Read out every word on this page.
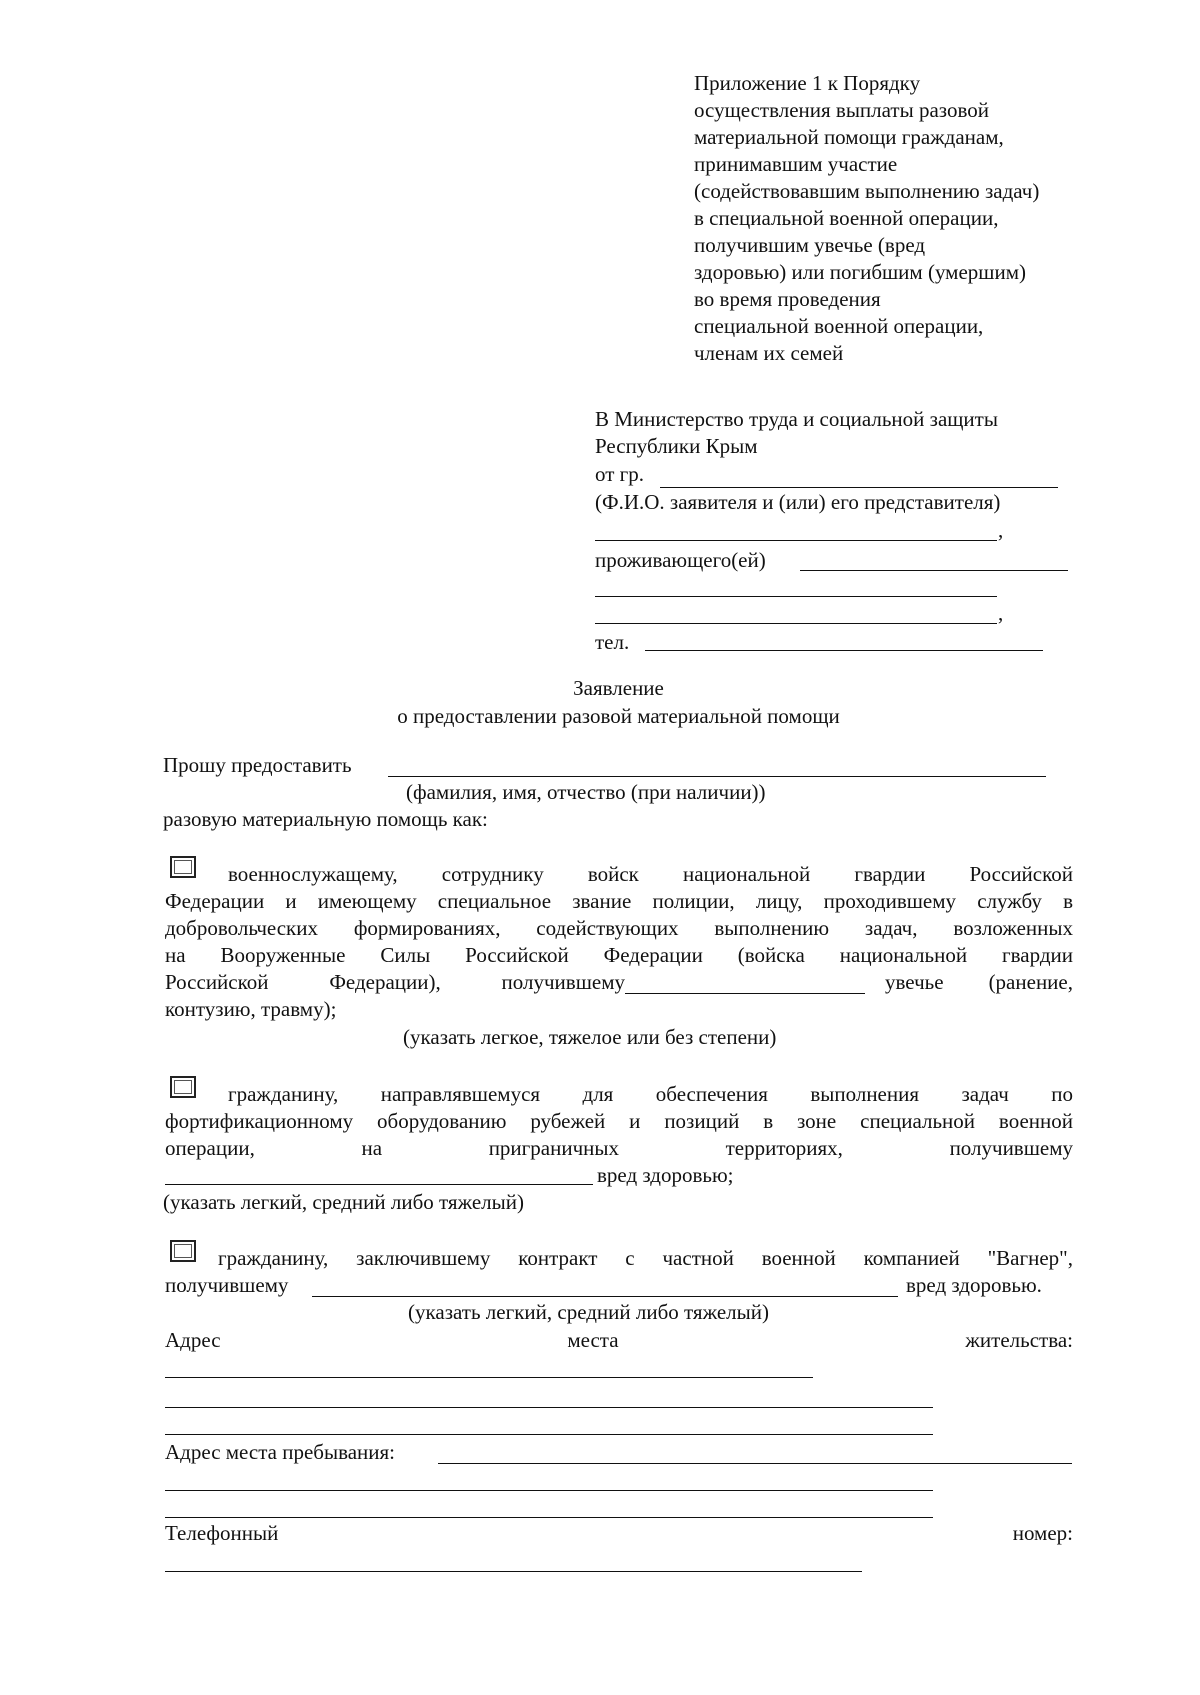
Приложение 1 к Порядку

осуществления выплаты разовой

материальной помощи гражданам,

принимавшим участие

(содействовавшим выполнению задач)

в специальной военной операции,

получившим увечье (вред

здоровью) или погибшим (умершим)

во время проведения

специальной военной операции,

членам их семей

В Министерство труда и социальной защиты
Республики Крым
от гр.
(Ф.И.О. заявителя и (или) его представителя)
,
проживающего(ей)
,
тел.
Заявление
о предоставлении разовой материальной помощи
Прошу предоставить
(фамилия, имя, отчество (при наличии))
разовую материальную помощь как:
военнослужащему, сотруднику войск национальной гвардии Российской
Федерации и имеющему специальное звание полиции, лицу, проходившему службу в
добровольческих формированиях, содействующих выполнению задач, возложенных
на Вооруженные Силы Российской Федерации (войска национальной гвардии
Российской Федерации), получившему	увечье (ранение,
контузию, травму);
(указать легкое, тяжелое или без степени)
гражданину, направлявшемуся для обеспечения выполнения задач по
фортификационному оборудованию рубежей и позиций в зоне специальной военной
операции, на приграничных территориях, получившему
вред здоровью;
(указать легкий, средний либо тяжелый)
гражданину, заключившему контракт с частной военной компанией "Вагнер",
получившему	вред здоровью.
(указать легкий, средний либо тяжелый)
Адрес	места	жительства:
Адрес места пребывания:
Телефонный	номер:
